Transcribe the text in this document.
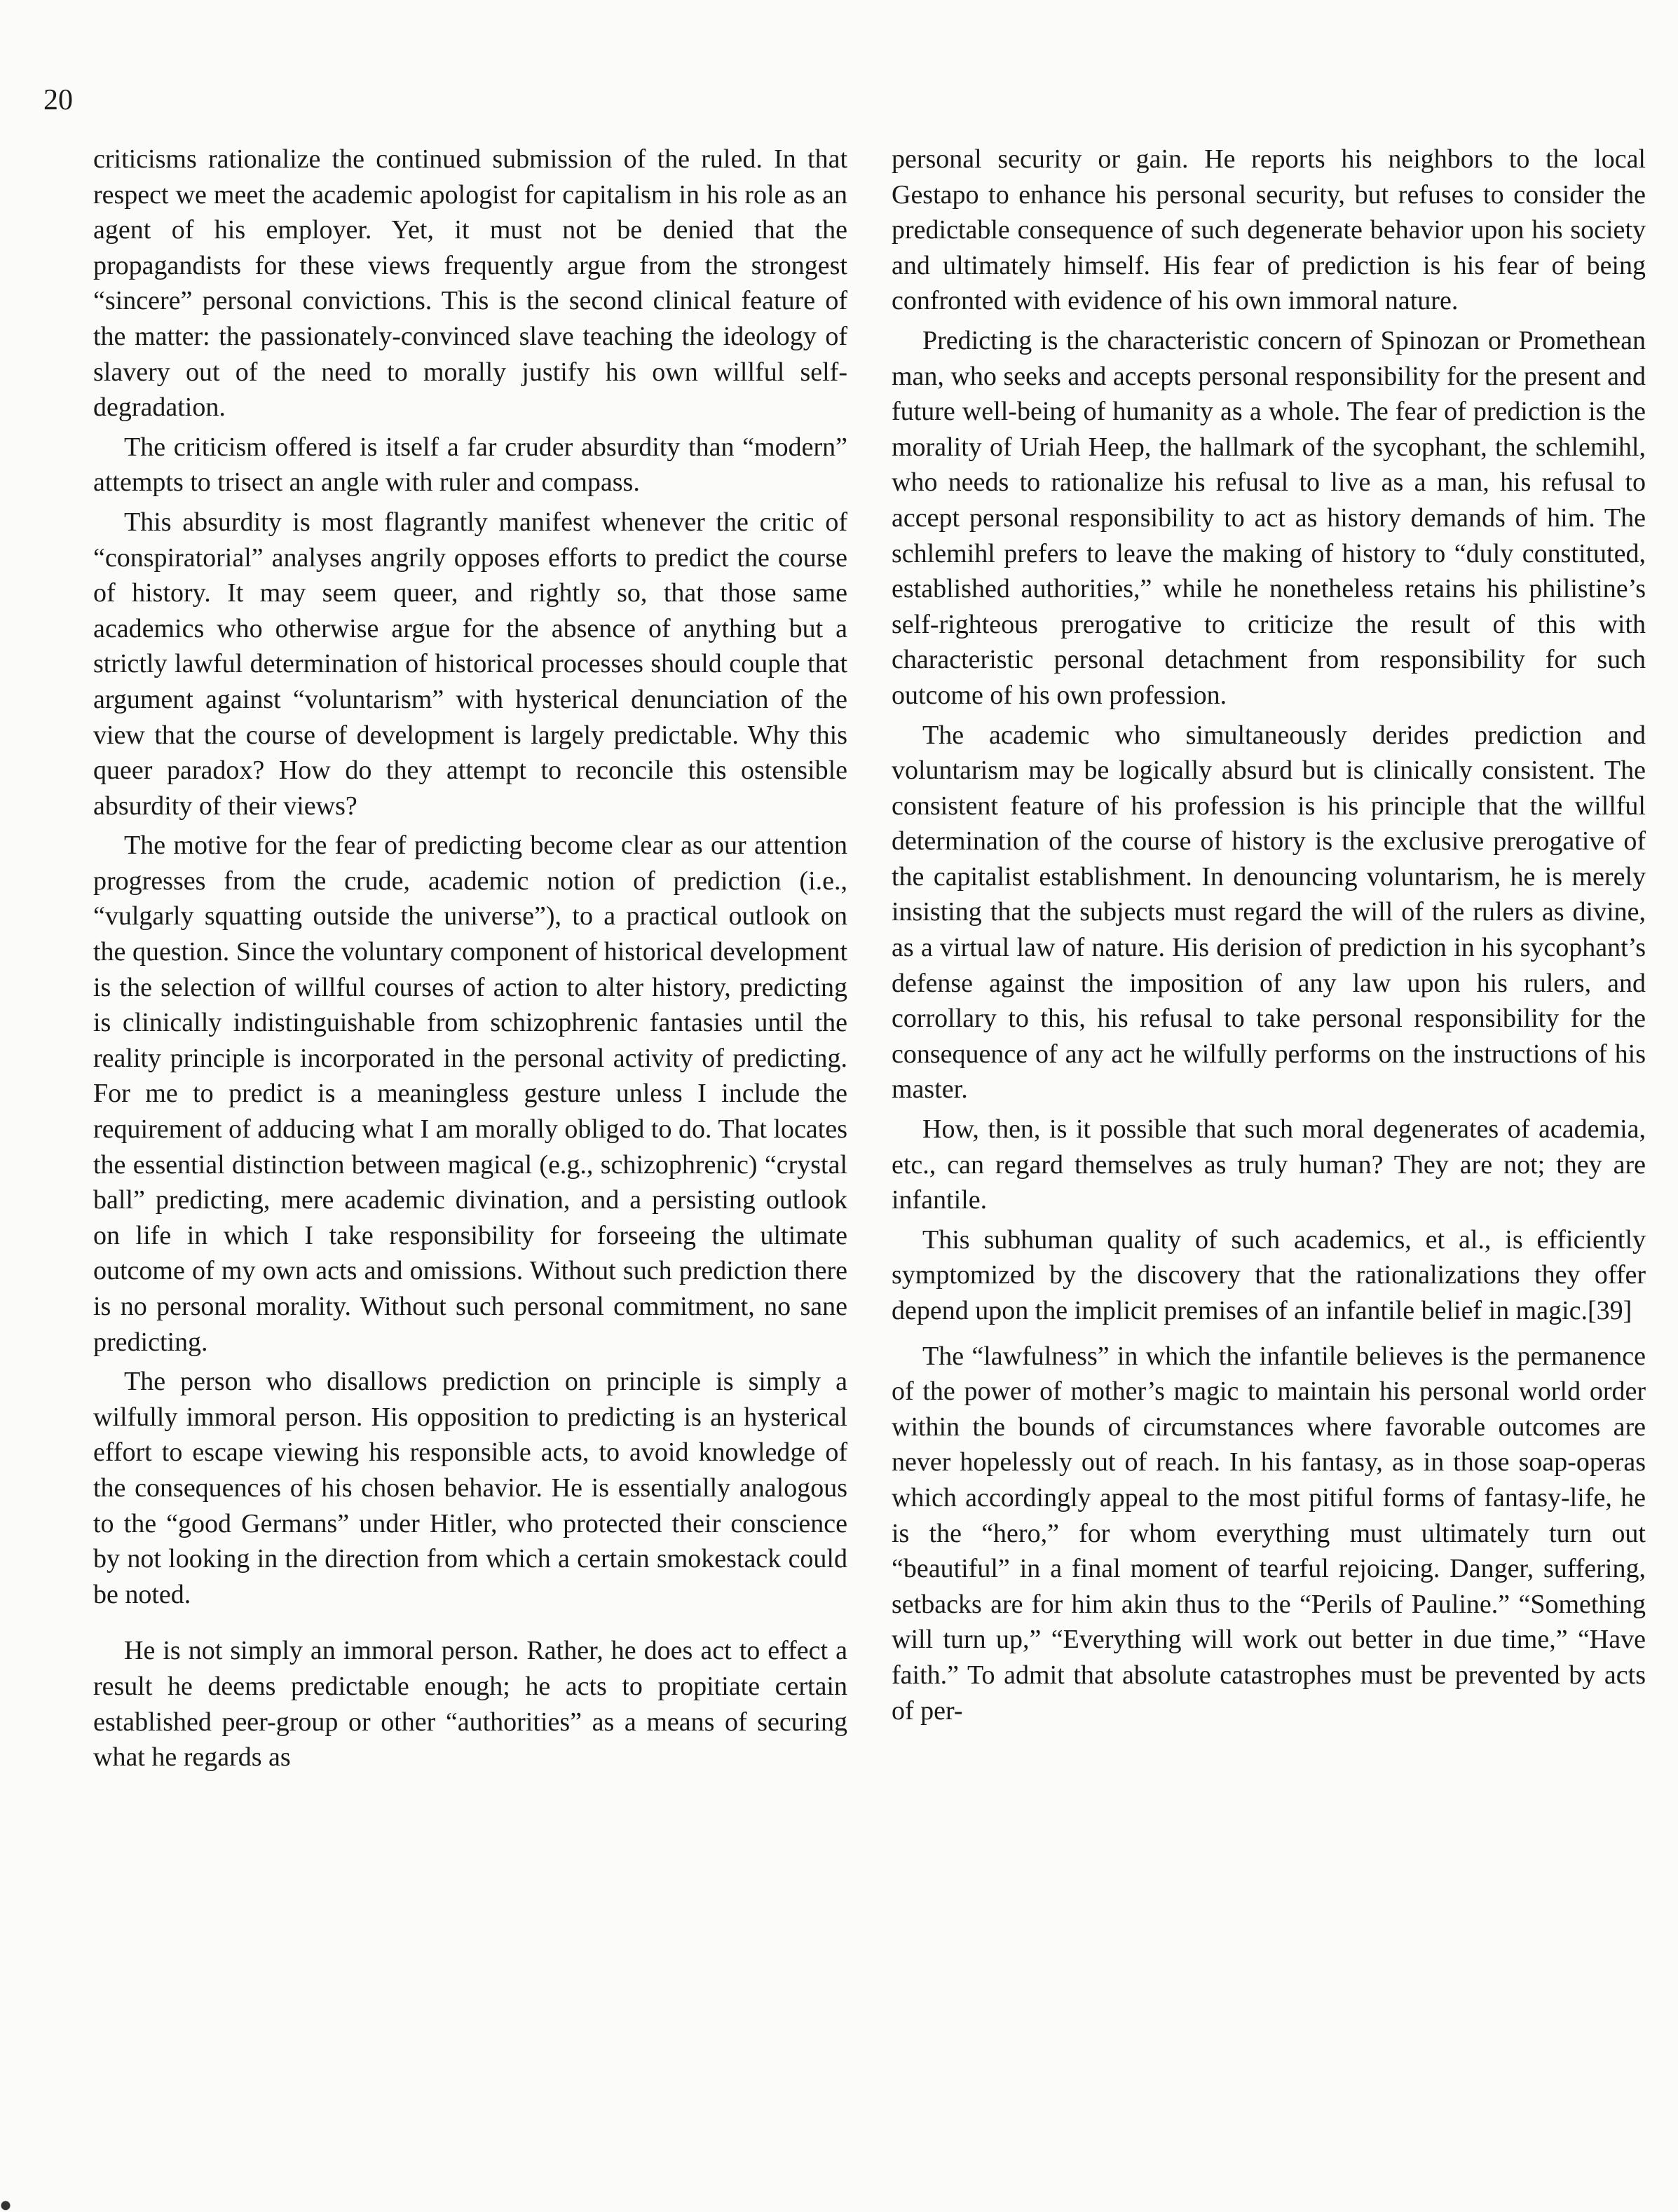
20

criticisms rationalize the continued submission of the ruled. In that respect we meet the academic apologist for capitalism in his role as an agent of his employer. Yet, it must not be denied that the propagandists for these views frequently argue from the strongest “sincere” personal convictions. This is the second clinical feature of the matter: the passionately-convinced slave teaching the ideology of slavery out of the need to morally justify his own willful self-degradation.

The criticism offered is itself a far cruder absurdity than “modern” attempts to trisect an angle with ruler and compass.

This absurdity is most flagrantly manifest whenever the critic of “conspiratorial” analyses angrily opposes efforts to predict the course of history. It may seem queer, and rightly so, that those same academics who otherwise argue for the absence of anything but a strictly lawful determination of historical processes should couple that argument against “voluntarism” with hysterical denunciation of the view that the course of development is largely predictable. Why this queer paradox? How do they attempt to reconcile this ostensible absurdity of their views?

The motive for the fear of predicting become clear as our attention progresses from the crude, academic notion of prediction (i.e., “vulgarly squatting outside the universe”), to a practical outlook on the question. Since the voluntary component of historical development is the selection of willful courses of action to alter history, predicting is clinically indistinguishable from schizophrenic fantasies until the reality principle is incorporated in the personal activity of predicting. For me to predict is a meaningless gesture unless I include the requirement of adducing what I am morally obliged to do. That locates the essential distinction between magical (e.g., schizophrenic) “crystal ball” predicting, mere academic divination, and a persisting outlook on life in which I take responsibility for forseeing the ultimate outcome of my own acts and omissions. Without such prediction there is no personal morality. Without such personal commitment, no sane predicting.

The person who disallows prediction on principle is simply a wilfully immoral person. His opposition to predicting is an hysterical effort to escape viewing his responsible acts, to avoid knowledge of the consequences of his chosen behavior. He is essentially analogous to the “good Germans” under Hitler, who protected their conscience by not looking in the direction from which a certain smokestack could be noted.

He is not simply an immoral person. Rather, he does act to effect a result he deems predictable enough; he acts to propitiate certain established peer-group or other “authorities” as a means of securing what he regards as

personal security or gain. He reports his neighbors to the local Gestapo to enhance his personal security, but refuses to consider the predictable consequence of such degenerate behavior upon his society and ultimately himself. His fear of prediction is his fear of being confronted with evidence of his own immoral nature.

Predicting is the characteristic concern of Spinozan or Promethean man, who seeks and accepts personal responsibility for the present and future well-being of humanity as a whole. The fear of prediction is the morality of Uriah Heep, the hallmark of the sycophant, the schlemihl, who needs to rationalize his refusal to live as a man, his refusal to accept personal responsibility to act as history demands of him. The schlemihl prefers to leave the making of history to “duly constituted, established authorities,” while he nonetheless retains his philistine’s self-righteous prerogative to criticize the result of this with characteristic personal detachment from responsibility for such outcome of his own profession.

The academic who simultaneously derides prediction and voluntarism may be logically absurd but is clinically consistent. The consistent feature of his profession is his principle that the willful determination of the course of history is the exclusive prerogative of the capitalist establishment. In denouncing voluntarism, he is merely insisting that the subjects must regard the will of the rulers as divine, as a virtual law of nature. His derision of prediction in his sycophant’s defense against the imposition of any law upon his rulers, and corrollary to this, his refusal to take personal responsibility for the consequence of any act he wilfully performs on the instructions of his master.

How, then, is it possible that such moral degenerates of academia, etc., can regard themselves as truly human? They are not; they are infantile.

This subhuman quality of such academics, et al., is efficiently symptomized by the discovery that the rationalizations they offer depend upon the implicit premises of an infantile belief in magic.[39]

The “lawfulness” in which the infantile believes is the permanence of the power of mother’s magic to maintain his personal world order within the bounds of circumstances where favorable outcomes are never hopelessly out of reach. In his fantasy, as in those soap-operas which accordingly appeal to the most pitiful forms of fantasy-life, he is the “hero,” for whom everything must ultimately turn out “beautiful” in a final moment of tearful rejoicing. Danger, suffering, setbacks are for him akin thus to the “Perils of Pauline.” “Something will turn up,” “Everything will work out better in due time,” “Have faith.” To admit that absolute catastrophes must be prevented by acts of per-
